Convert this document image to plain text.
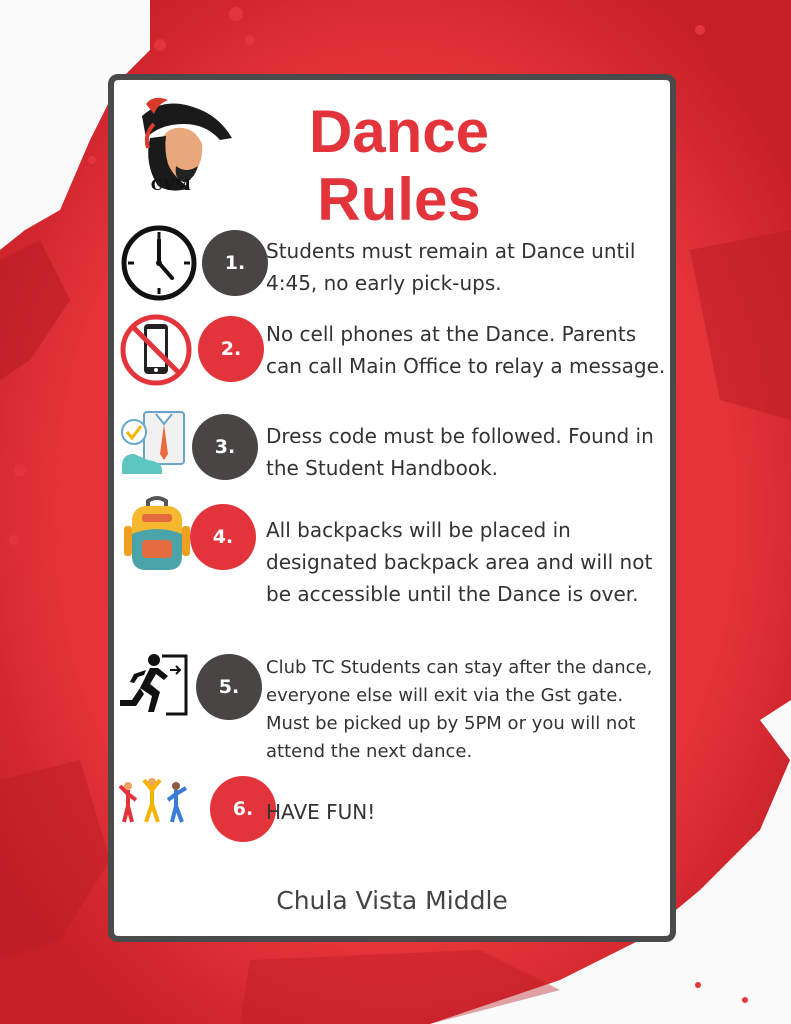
CVM
Dance Rules
1.	Students must remain at Dance until 4:45, no early pick-ups.
2.
No cell phones at the Dance. Parents can call Main Office to relay a message.
3.	Dress code must be followed. Found in the Student Handbook.
4.	All backpacks will be placed in designated backpack area and will not be accessible until the Dance is over.
5.
Club TC Students can stay after the dance, everyone else will exit via the Gst gate. Must be picked up by 5PM or you will not attend the next dance.
6. HAVE FUN!
Chula Vista Middle
